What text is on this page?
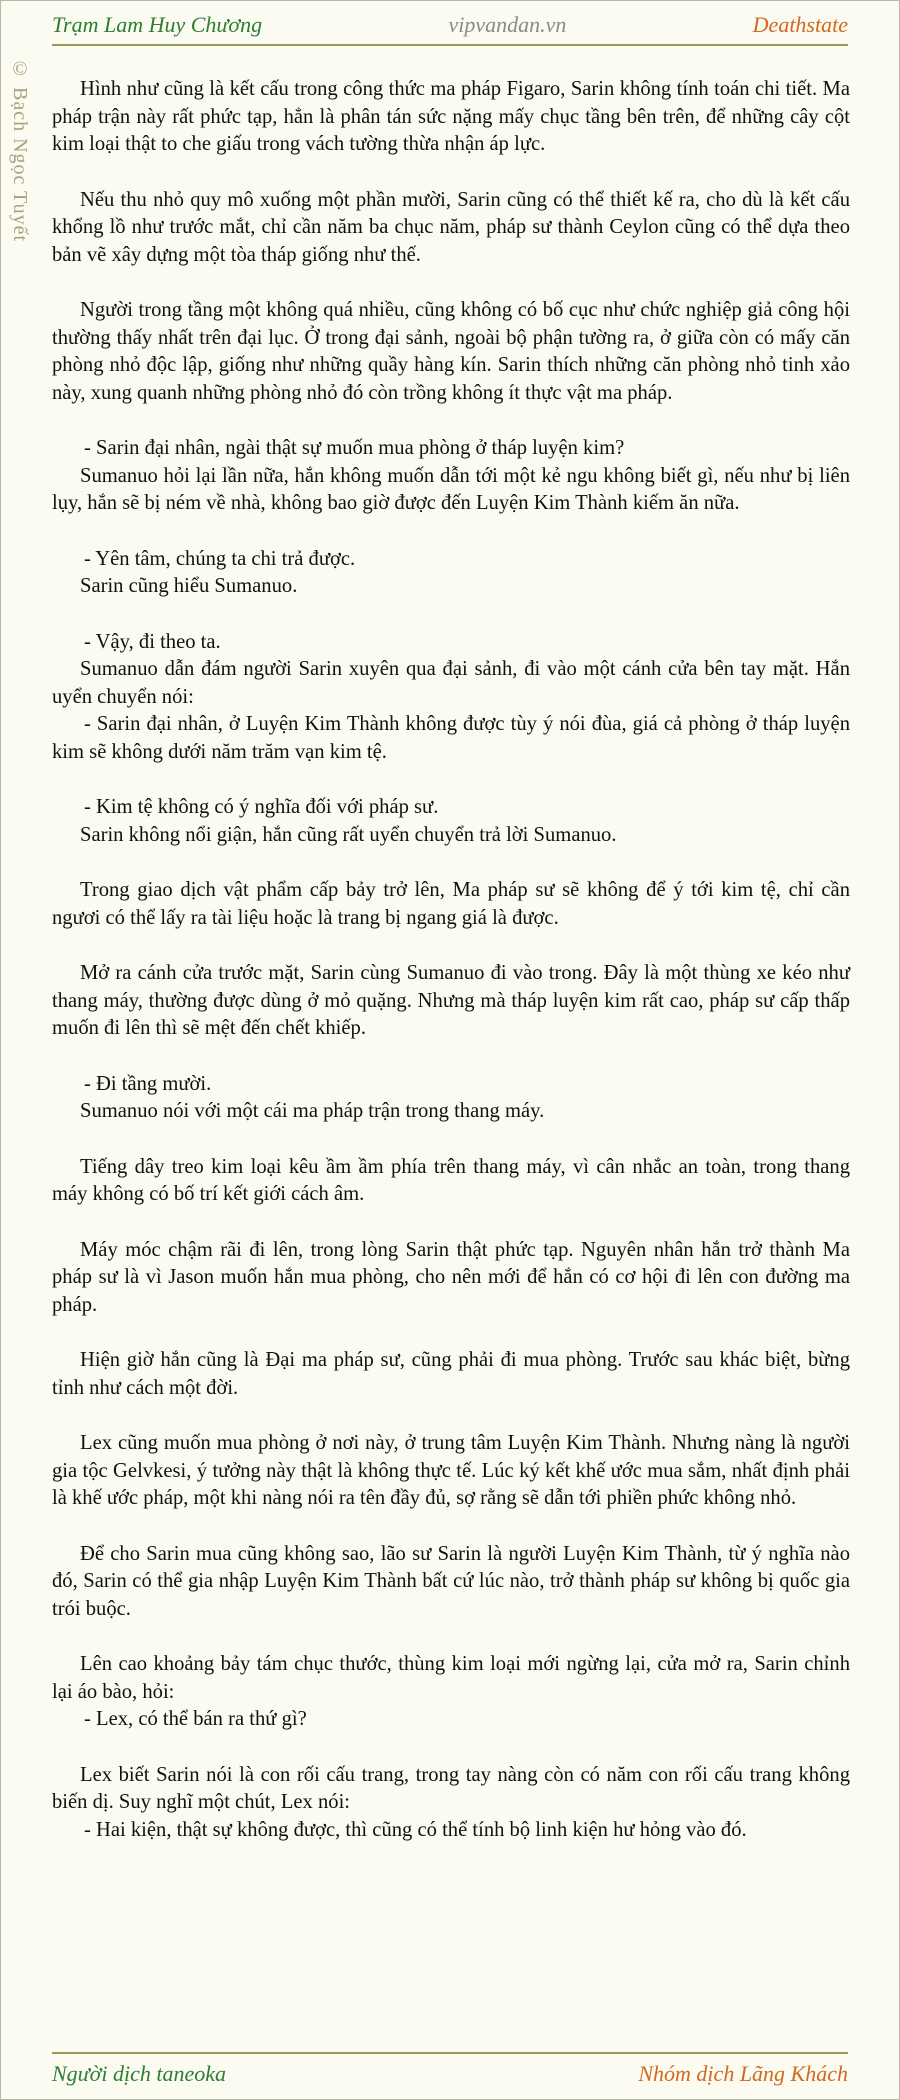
Trạm Lam Huy Chương	vipvandan.vn	Deathstate
© Bạch Ngọc Tuyết	Hình như cũng là kết cấu trong công thức ma pháp Figaro, Sarin không tính toán chi tiết. Ma pháp trận này rất phức tạp, hẳn là phân tán sức nặng mấy chục tầng bên trên, để những cây cột kim loại thật to che giấu trong vách tường thừa nhận áp lực.

Nếu thu nhỏ quy mô xuống một phần mười, Sarin cũng có thể thiết kế ra, cho dù là kết cấu khổng lồ như trước mắt, chỉ cần năm ba chục năm, pháp sư thành Ceylon cũng có thể dựa theo bản vẽ xây dựng một tòa tháp giống như thế.

Người trong tầng một không quá nhiều, cũng không có bố cục như chức nghiệp giả công hội thường thấy nhất trên đại lục. Ở trong đại sảnh, ngoài bộ phận tường ra, ở giữa còn có mấy căn phòng nhỏ độc lập, giống như những quầy hàng kín. Sarin thích những căn phòng nhỏ tinh xảo này, xung quanh những phòng nhỏ đó còn trồng không ít thực vật ma pháp.

- Sarin đại nhân, ngài thật sự muốn mua phòng ở tháp luyện kim?

Sumanuo hỏi lại lần nữa, hắn không muốn dẫn tới một kẻ ngu không biết gì, nếu như bị liên lụy, hắn sẽ bị ném về nhà, không bao giờ được đến Luyện Kim Thành kiếm ăn nữa.

- Yên tâm, chúng ta chi trả được.

Sarin cũng hiểu Sumanuo.

- Vậy, đi theo ta.

Sumanuo dẫn đám người Sarin xuyên qua đại sảnh, đi vào một cánh cửa bên tay mặt. Hắn uyển chuyển nói:

- Sarin đại nhân, ở Luyện Kim Thành không được tùy ý nói đùa, giá cả phòng ở tháp luyện kim sẽ không dưới năm trăm vạn kim tệ.

- Kim tệ không có ý nghĩa đối với pháp sư.

Sarin không nổi giận, hắn cũng rất uyển chuyển trả lời Sumanuo.

Trong giao dịch vật phẩm cấp bảy trở lên, Ma pháp sư sẽ không để ý tới kim tệ, chỉ cần ngươi có thể lấy ra tài liệu hoặc là trang bị ngang giá là được.

Mở ra cánh cửa trước mặt, Sarin cùng Sumanuo đi vào trong. Đây là một thùng xe kéo như thang máy, thường được dùng ở mỏ quặng. Nhưng mà tháp luyện kim rất cao, pháp sư cấp thấp muốn đi lên thì sẽ mệt đến chết khiếp.

- Đi tầng mười.

Sumanuo nói với một cái ma pháp trận trong thang máy.

Tiếng dây treo kim loại kêu ầm ầm phía trên thang máy, vì cân nhắc an toàn, trong thang máy không có bố trí kết giới cách âm.

Máy móc chậm rãi đi lên, trong lòng Sarin thật phức tạp. Nguyên nhân hắn trở thành Ma pháp sư là vì Jason muốn hắn mua phòng, cho nên mới để hắn có cơ hội đi lên con đường ma pháp.

Hiện giờ hắn cũng là Đại ma pháp sư, cũng phải đi mua phòng. Trước sau khác biệt, bừng tỉnh như cách một đời.

Lex cũng muốn mua phòng ở nơi này, ở trung tâm Luyện Kim Thành. Nhưng nàng là người gia tộc Gelvkesi, ý tưởng này thật là không thực tế. Lúc ký kết khế ước mua sắm, nhất định phải là khế ước pháp, một khi nàng nói ra tên đầy đủ, sợ rằng sẽ dẫn tới phiền phức không nhỏ.

Để cho Sarin mua cũng không sao, lão sư Sarin là người Luyện Kim Thành, từ ý nghĩa nào đó, Sarin có thể gia nhập Luyện Kim Thành bất cứ lúc nào, trở thành pháp sư không bị quốc gia trói buộc.

Lên cao khoảng bảy tám chục thước, thùng kim loại mới ngừng lại, cửa mở ra, Sarin chỉnh lại áo bào, hỏi:

- Lex, có thể bán ra thứ gì?

Lex biết Sarin nói là con rối cấu trang, trong tay nàng còn có năm con rối cấu trang không biến dị. Suy nghĩ một chút, Lex nói:

- Hai kiện, thật sự không được, thì cũng có thể tính bộ linh kiện hư hỏng vào đó.

Người dịch taneoka	Nhóm dịch Lãng Khách
